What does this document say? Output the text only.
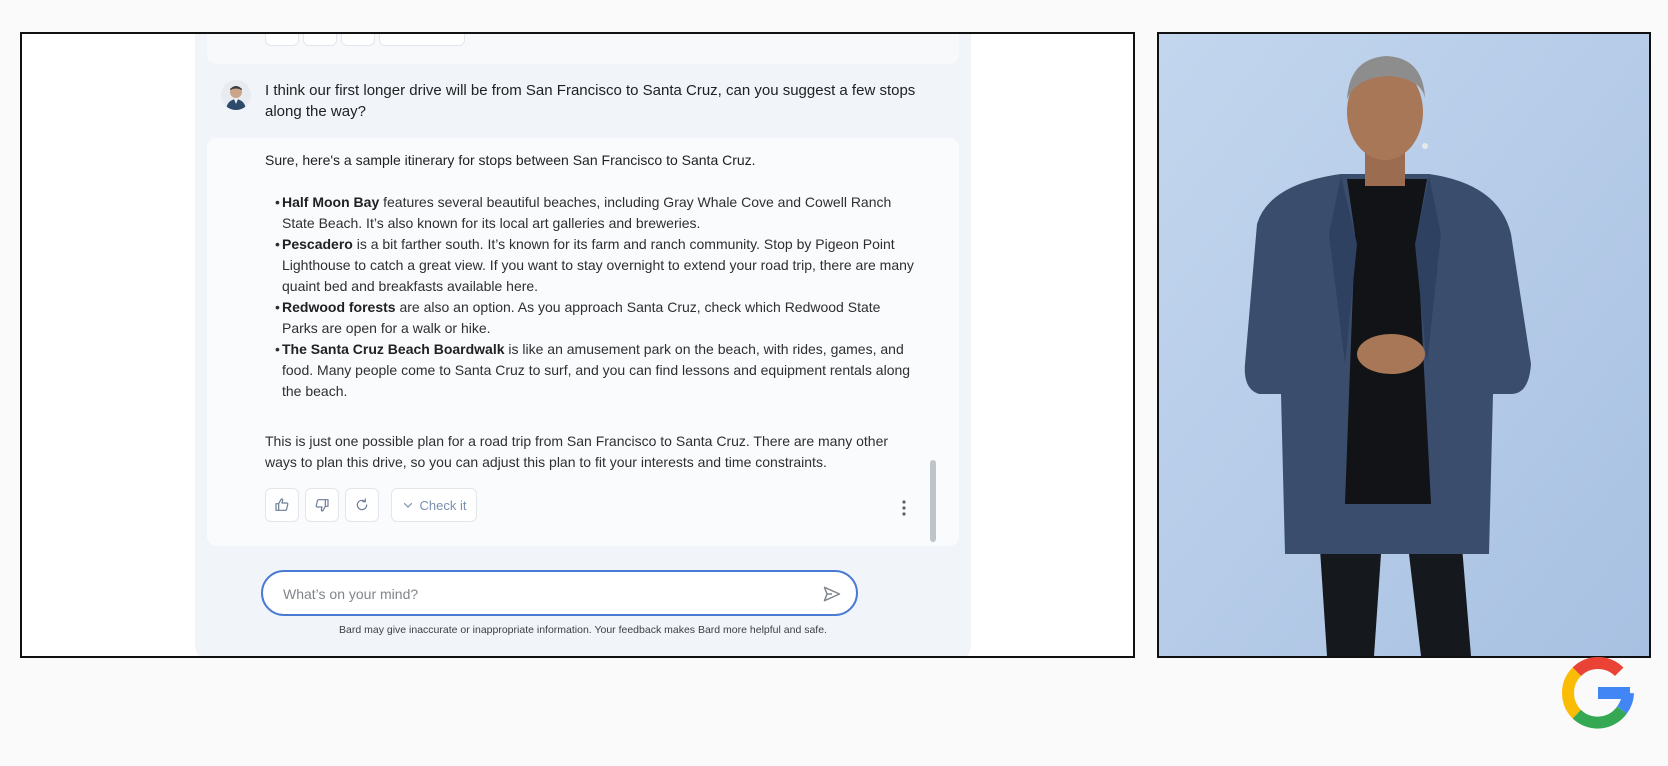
I think our first longer drive will be from San Francisco to Santa Cruz, can you suggest a few stops along the way?
Sure, here's a sample itinerary for stops between San Francisco to Santa Cruz.
• Half Moon Bay features several beautiful beaches, including Gray Whale Cove and Cowell Ranch State Beach. It’s also known for its local art galleries and breweries.
• Pescadero is a bit farther south. It’s known for its farm and ranch community. Stop by Pigeon Point Lighthouse to catch a great view. If you want to stay overnight to extend your road trip, there are many quaint bed and breakfasts available here.
• Redwood forests are also an option. As you approach Santa Cruz, check which Redwood State Parks are open for a walk or hike.
• The Santa Cruz Beach Boardwalk is like an amusement park on the beach, with rides, games, and food. Many people come to Santa Cruz to surf, and you can find lessons and equipment rentals along the beach.
This is just one possible plan for a road trip from San Francisco to Santa Cruz. There are many other ways to plan this drive, so you can adjust this plan to fit your interests and time constraints.
Check it
What’s on your mind?
Bard may give inaccurate or inappropriate information. Your feedback makes Bard more helpful and safe.
